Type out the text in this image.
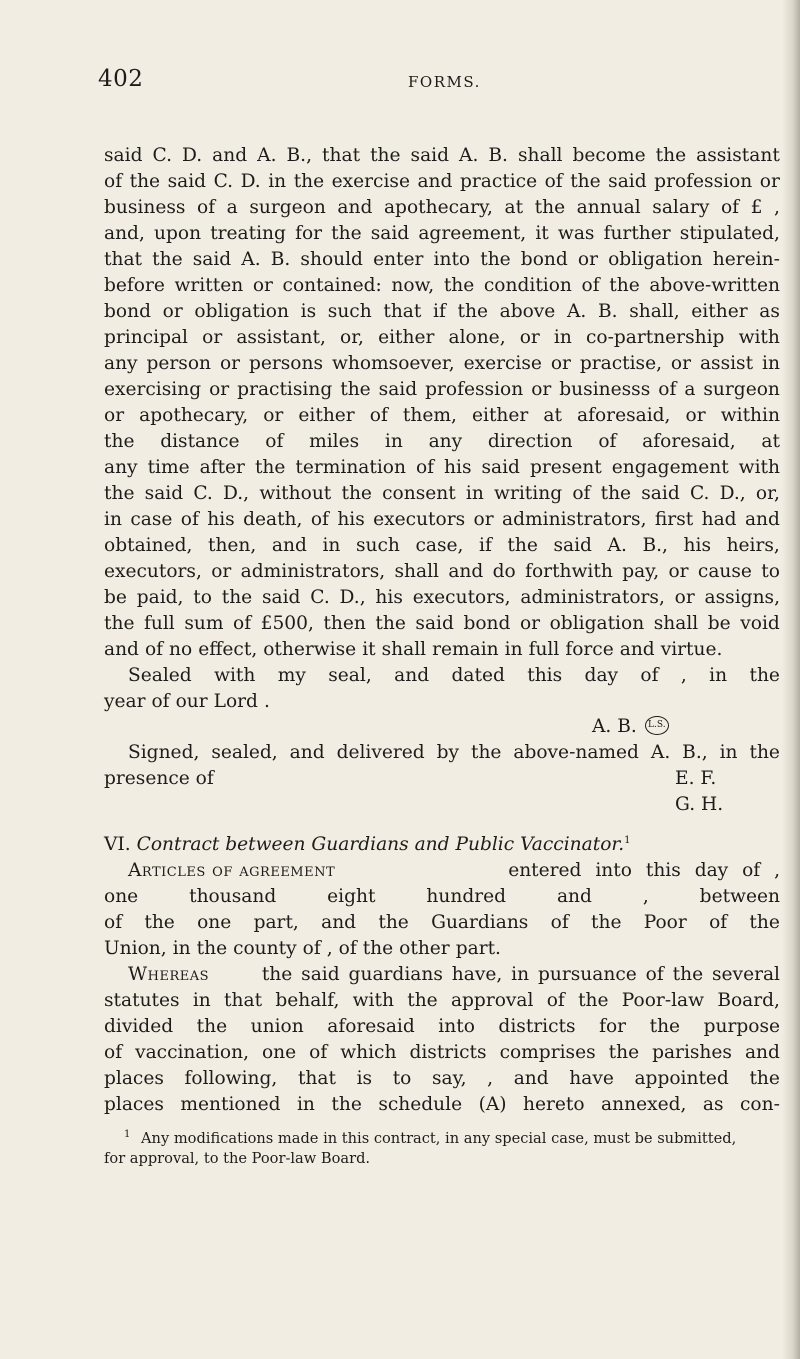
402	FORMS.
said C. D. and A. B., that the said A. B. shall become the assistant
of the said C. D. in the exercise and practice of the said profession or
business of a surgeon and apothecary, at the annual salary of £ ,
and, upon treating for the said agreement, it was further stipulated,
that the said A. B. should enter into the bond or obligation herein-
before written or contained: now, the condition of the above-written
bond or obligation is such that if the above A. B. shall, either as
principal or assistant, or, either alone, or in co-partnership with
any person or persons whomsoever, exercise or practise, or assist in
exercising or practising the said profession or businesss of a surgeon
or apothecary, or either of them, either at aforesaid, or within
the distance of miles in any direction of aforesaid, at
any time after the termination of his said present engagement with
the said C. D., without the consent in writing of the said C. D., or,
in case of his death, of his executors or administrators, first had and
obtained, then, and in such case, if the said A. B., his heirs,
executors, or administrators, shall and do forthwith pay, or cause to
be paid, to the said C. D., his executors, administrators, or assigns,
the full sum of £500, then the said bond or obligation shall be void
and of no effect, otherwise it shall remain in full force and virtue.
Sealed with my seal, and dated this day of , in the
year of our Lord .
A. B. L.S.
Signed, sealed, and delivered by the above-named A. B., in the
presence of	E. F.
G. H.
VI. Contract between Guardians and Public Vaccinator.$^1$
Articles of agreement	entered into this day of ,
one	thousand	eight	hundred	and	,	between
of the one part, and the Guardians of the Poor of the
Union, in the county of , of the other part.
Whereas	the said guardians have, in pursuance of the several
statutes in that behalf, with the approval of the Poor-law Board,
divided the union aforesaid into districts for the purpose
of vaccination, one of which districts comprises the parishes and
places following, that is to say, , and have appointed the
places mentioned in the schedule (A) hereto annexed, as con-
$^1$ Any modifications made in this contract, in any special case, must be submitted,
for approval, to the Poor-law Board.
